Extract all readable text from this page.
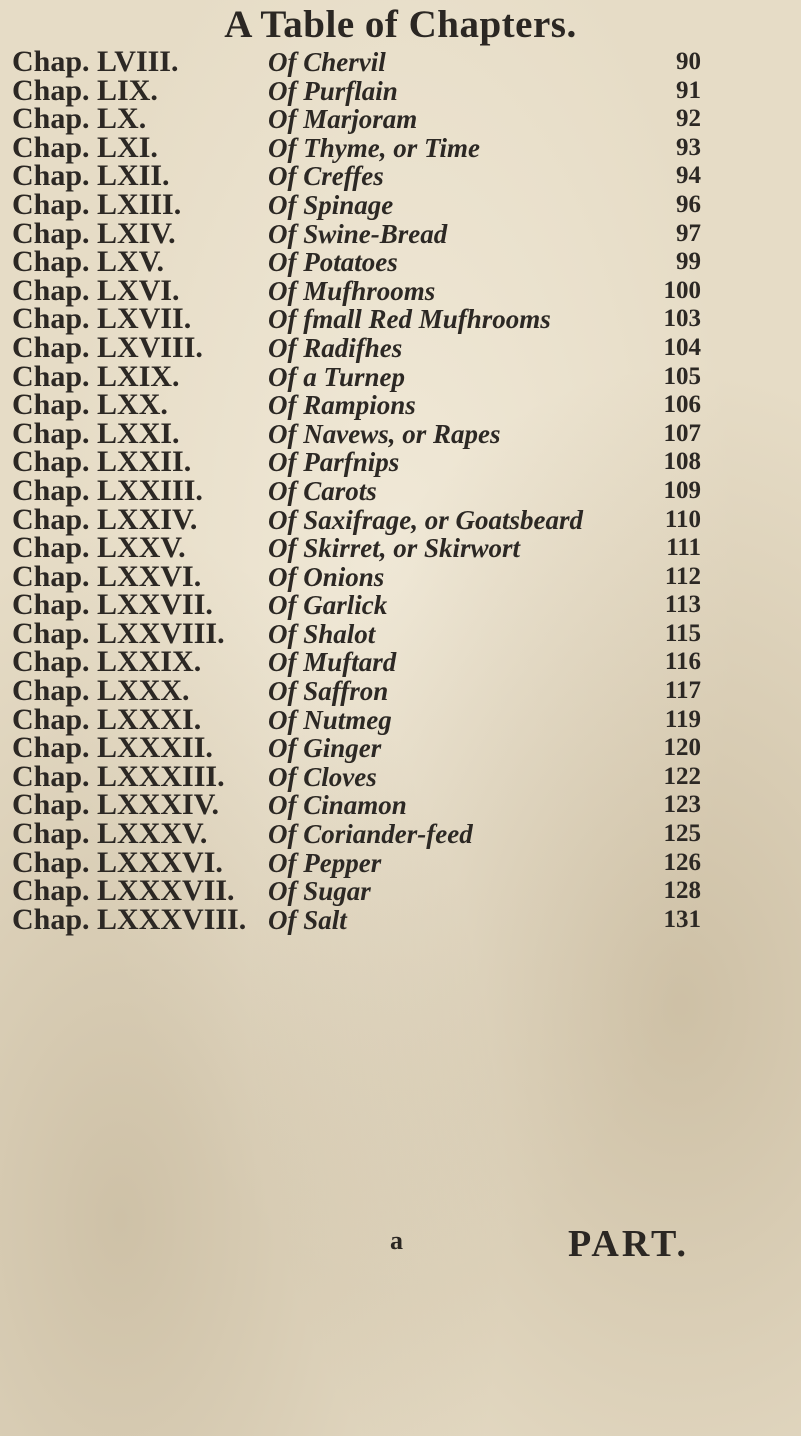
A Table of Chapters.
Chap. LVIII.	Of Chervil	90
Chap. LIX.	Of Purflain	91
Chap. LX.	Of Marjoram	92
Chap. LXI.	Of Thyme, or Time	93
Chap. LXII.	Of Creffes	94
Chap. LXIII.	Of Spinage	96
Chap. LXIV.	Of Swine-Bread	97
Chap. LXV.	Of Potatoes	99
Chap. LXVI.	Of Mufhrooms	100
Chap. LXVII.	Of fmall Red Mufhrooms	103
Chap. LXVIII. Of Radifhes	104
Chap. LXIX.	Of a Turnep	105
Chap. LXX.	Of Rampions	106
Chap. LXXI.	Of Navews, or Rapes	107
Chap. LXXII.	Of Parfnips	108
Chap. LXXIII. Of Carots	109
Chap. LXXIV.	Of Saxifrage, or Goatsbeard	110
Chap. LXXV.	Of Skirret, or Skirwort	111
Chap. LXXVI. Of Onions	112
Chap. LXXVII. Of Garlick	113
Chap. LXXVIII. Of Shalot	115
Chap. LXXIX. Of Muftard	116
Chap. LXXX.	Of Saffron	117
Chap. LXXXI. Of Nutmeg	119
Chap. LXXXII. Of Ginger	120
Chap. LXXXIII. Of Cloves	122
Chap. LXXXIV. Of Cinamon	123
Chap. LXXXV. Of Coriander-feed	125
Chap. LXXXVI. Of Pepper	126
Chap. LXXXVII. Of Sugar	128
Chap. LXXXVIII. Of Salt	131
a	PART.
